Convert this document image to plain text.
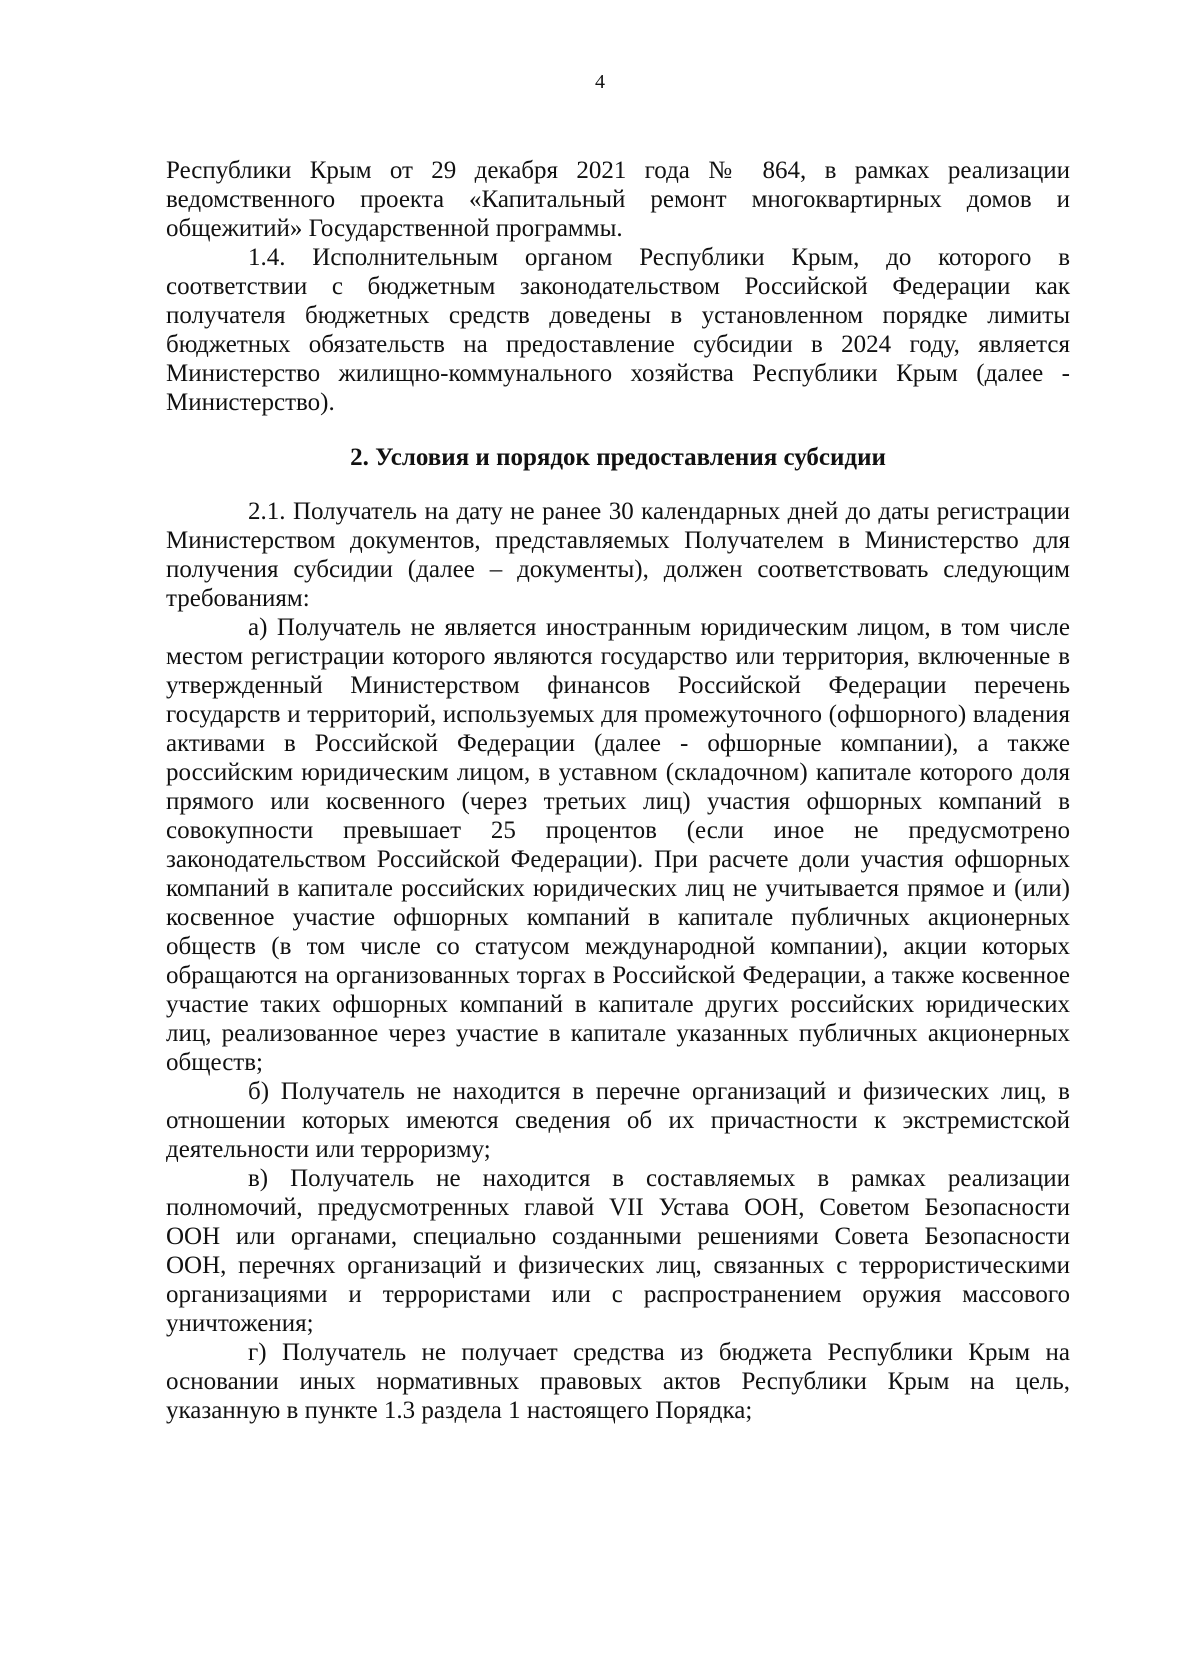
4

Республики Крым от 29 декабря 2021 года № 864, в рамках реализации ведомственного проекта «Капитальный ремонт многоквартирных домов и общежитий» Государственной программы.

1.4. Исполнительным органом Республики Крым, до которого в соответствии с бюджетным законодательством Российской Федерации как получателя бюджетных средств доведены в установленном порядке лимиты бюджетных обязательств на предоставление субсидии в 2024 году, является Министерство жилищно-коммунального хозяйства Республики Крым (далее - Министерство).

2. Условия и порядок предоставления субсидии

2.1. Получатель на дату не ранее 30 календарных дней до даты регистрации Министерством документов, представляемых Получателем в Министерство для получения субсидии (далее – документы), должен соответствовать следующим требованиям:

а) Получатель не является иностранным юридическим лицом, в том числе местом регистрации которого являются государство или территория, включенные в утвержденный Министерством финансов Российской Федерации перечень государств и территорий, используемых для промежуточного (офшорного) владения активами в Российской Федерации (далее - офшорные компании), а также российским юридическим лицом, в уставном (складочном) капитале которого доля прямого или косвенного (через третьих лиц) участия офшорных компаний в совокупности превышает 25 процентов (если иное не предусмотрено законодательством Российской Федерации). При расчете доли участия офшорных компаний в капитале российских юридических лиц не учитывается прямое и (или) косвенное участие офшорных компаний в капитале публичных акционерных обществ (в том числе со статусом международной компании), акции которых обращаются на организованных торгах в Российской Федерации, а также косвенное участие таких офшорных компаний в капитале других российских юридических лиц, реализованное через участие в капитале указанных публичных акционерных обществ;

б) Получатель не находится в перечне организаций и физических лиц, в отношении которых имеются сведения об их причастности к экстремистской деятельности или терроризму;

в) Получатель не находится в составляемых в рамках реализации полномочий, предусмотренных главой VII Устава ООН, Советом Безопасности ООН или органами, специально созданными решениями Совета Безопасности ООН, перечнях организаций и физических лиц, связанных с террористическими организациями и террористами или с распространением оружия массового уничтожения;

г) Получатель не получает средства из бюджета Республики Крым на основании иных нормативных правовых актов Республики Крым на цель, указанную в пункте 1.3 раздела 1 настоящего Порядка;
